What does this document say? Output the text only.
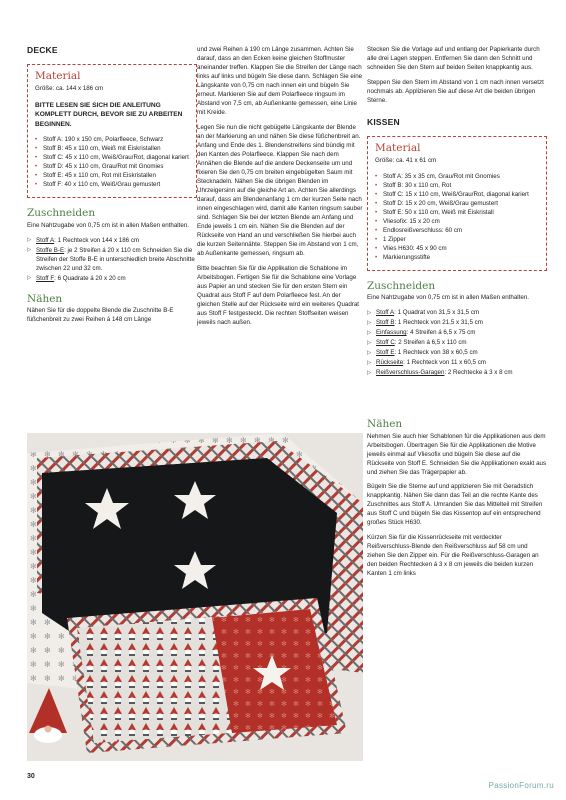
DECKE
Material

Größe: ca. 144 x 186 cm

BITTE LESEN SIE SICH DIE ANLEITUNG KOMPLETT DURCH, BEVOR SIE ZU ARBEITEN BEGINNEN.

• Stoff A: 190 x 150 cm, Polarfleece, Schwarz
• Stoff B: 45 x 110 cm, Weiß mit Eiskristallen
• Stoff C: 45 x 110 cm, Weiß/Grau/Rot, diagonal kariert
• Stoff D: 45 x 110 cm, Grau/Rot mit Gnomies
• Stoff E: 45 x 110 cm, Rot mit Eiskristallen
• Stoff F: 40 x 110 cm, Weiß/Grau gemustert
Zuschneiden

Eine Nahtzugabe von 0,75 cm ist in allen Maßen enthalten.

▷ Stoff A: 1 Rechteck von 144 x 186 cm
▷ Stoffe B-E: je 2 Streifen á 20 x 110 cm Schneiden Sie die Streifen der Stoffe B-E in unterschiedlich breite Abschnitte zwischen 22 und 32 cm.
▷ Stoff F: 6 Quadrate á 20 x 20 cm
Nähen

Nähen Sie für die doppelte Blende die Zuschnitte B-E füßchenbreit zu zwei Reihen á 148 cm Länge

und zwei Reihen á 190 cm Länge zusammen. Achten Sie darauf, dass an den Ecken keine gleichen Stoffmuster aneinander treffen. Klappen Sie die Streifen der Länge nach links auf links und bügeln Sie diese dann. Schlagen Sie eine Längskante von 0,75 cm nach innen ein und bügeln Sie erneut. Markieren Sie auf dem Polarfleece ringsum im Abstand von 7,5 cm, ab Außenkante gemessen, eine Linie mit Kreide.

Legen Sie nun die nicht gebügelte Längskante der Blende an der Markierung an und nähen Sie diese füßchenbreit an. Anfang und Ende des 1. Blendenstreifens sind bündig mit den Kanten des Polarfleece. Klappen Sie nach dem Annähen die Blende auf die andere Deckenseite um und fixieren Sie den 0,75 cm breiten eingebügelten Saum mit Stecknadeln. Nähen Sie die übrigen Blenden im Uhrzeigersinn auf die gleiche Art an. Achten Sie allerdings darauf, dass am Blendenanfang 1 cm der kurzen Seite nach innen eingeschlagen wird, damit alle Kanten ringsum sauber sind. Schlagen Sie bei der letzten Blende am Anfang und Ende jeweils 1 cm ein. Nähen Sie die Blenden auf der Rückseite von Hand an und verschließen Sie hierbei auch die kurzen Seitennähte. Steppen Sie im Abstand von 1 cm, ab Außenkante gemessen, ringsum ab.

Bitte beachten Sie für die Applikation die Schablone im Arbeitsbogen. Fertigen Sie für die Schablone eine Vorlage aus Papier an und stecken Sie für den ersten Stern ein Quadrat aus Stoff F auf dem Polarfleece fest. An der gleichen Stelle auf der Rückseite wird ein weiteres Quadrat aus Stoff F festgesteckt. Die rechten Stoffseiten weisen jeweils nach außen.

Stecken Sie die Vorlage auf und entlang der Papierkante durch alle drei Lagen steppen. Entfernen Sie dann den Schnitt und schneiden Sie den Stern auf beiden Seiten knappkantig aus.

Steppen Sie den Stern im Abstand von 1 cm nach innen versetzt nochmals ab. Applizieren Sie auf diese Art die beiden übrigen Sterne.

KISSEN
Material

Größe: ca. 41 x 61 cm

• Stoff A: 35 x 35 cm, Grau/Rot mit Gnomies
• Stoff B: 30 x 110 cm, Rot
• Stoff C: 15 x 110 cm, Weiß/Grau/Rot, diagonal kariert
• Stoff D: 15 x 20 cm, Weiß/Grau gemustert
• Stoff E: 50 x 110 cm, Weiß mit Eiskristall
• Vliesofix: 15 x 20 cm
• Endlosreißverschluss: 60 cm
• 1 Zipper
• Vlies H630: 45 x 90 cm
• Markierungsstifte
Zuschneiden

Eine Nahtzugabe von 0,75 cm ist in allen Maßen enthalten.

▷ Stoff A: 1 Quadrat von 31,5 x 31,5 cm
▷ Stoff B: 1 Rechteck von 21,5 x 31,5 cm
▷ Einfassung: 4 Streifen á 6,5 x 75 cm
▷ Stoff C: 2 Streifen á 6,5 x 110 cm
▷ Stoff E: 1 Rechteck von 38 x 60,5 cm
▷ Rückseite: 1 Rechteck von 11 x 60,5 cm
▷ Reißverschluss-Garagen: 2 Rechtecke á 3 x 8 cm
Nähen

Nehmen Sie auch hier Schablonen für die Applikationen aus dem Arbeitsbogen. Übertragen Sie für die Applikationen die Motive jeweils einmal auf Vliesofix und bügeln Sie diese auf die Rückseite von Stoff E. Schneiden Sie die Applikationen exakt aus und ziehen Sie das Trägerpapier ab.

Bügeln Sie die Sterne auf und applizieren Sie mit Geradstich knappkantig. Nähen Sie dann das Teil an die rechte Kante des Zuschnittes aus Stoff A. Umranden Sie das Mittelteil mit Streifen aus Stoff C und bügeln Sie das Kissentop auf ein entsprechend großes Stück H630.

Kürzen Sie für die Kissenrückseite mit verdeckter Reißverschluss-Blende den Reißverschluss auf 58 cm und ziehen Sie den Zipper ein. Für die Reißverschluss-Garagen an den beiden Rechtecken á 3 x 8 cm jeweils die beiden kurzen Kanten 1 cm links

30
PassionForum.ru
